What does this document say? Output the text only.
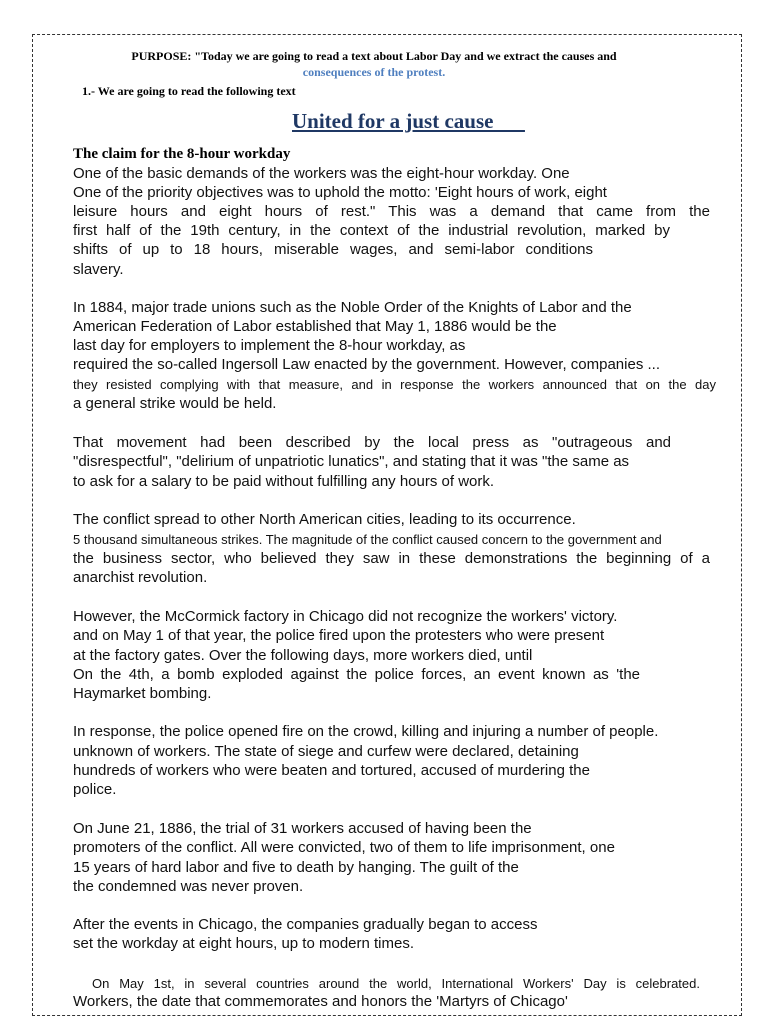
PURPOSE: "Today we are going to read a text about Labor Day and we extract the causes and
consequences of the protest.
1.- We are going to read the following text
United for a just cause
The claim for the 8-hour workday
One of the basic demands of the workers was the eight-hour workday. One
One of the priority objectives was to uphold the motto: 'Eight hours of work, eight
leisure hours and eight hours of rest." This was a demand that came from the
first half of the 19th century, in the context of the industrial revolution, marked by
shifts of up to 18 hours, miserable wages, and semi-labor conditions
slavery.
In 1884, major trade unions such as the Noble Order of the Knights of Labor and the
American Federation of Labor established that May 1, 1886 would be the
last day for employers to implement the 8-hour workday, as
required the so-called Ingersoll Law enacted by the government. However, companies ...
they resisted complying with that measure, and in response the workers announced that on the day
a general strike would be held.
That movement had been described by the local press as "outrageous and
"disrespectful", "delirium of unpatriotic lunatics", and stating that it was "the same as
to ask for a salary to be paid without fulfilling any hours of work.
The conflict spread to other North American cities, leading to its occurrence.
5 thousand simultaneous strikes. The magnitude of the conflict caused concern to the government and
the business sector, who believed they saw in these demonstrations the beginning of a
anarchist revolution.
However, the McCormick factory in Chicago did not recognize the workers' victory.
and on May 1 of that year, the police fired upon the protesters who were present
at the factory gates. Over the following days, more workers died, until
On the 4th, a bomb exploded against the police forces, an event known as 'the
Haymarket bombing.
In response, the police opened fire on the crowd, killing and injuring a number of people.
unknown of workers. The state of siege and curfew were declared, detaining
hundreds of workers who were beaten and tortured, accused of murdering the
police.
On June 21, 1886, the trial of 31 workers accused of having been the
promoters of the conflict. All were convicted, two of them to life imprisonment, one
15 years of hard labor and five to death by hanging. The guilt of the
the condemned was never proven.
After the events in Chicago, the companies gradually began to access
set the workday at eight hours, up to modern times.
On May 1st, in several countries around the world, International Workers' Day is celebrated.
Workers, the date that commemorates and honors the 'Martyrs of Chicago'
